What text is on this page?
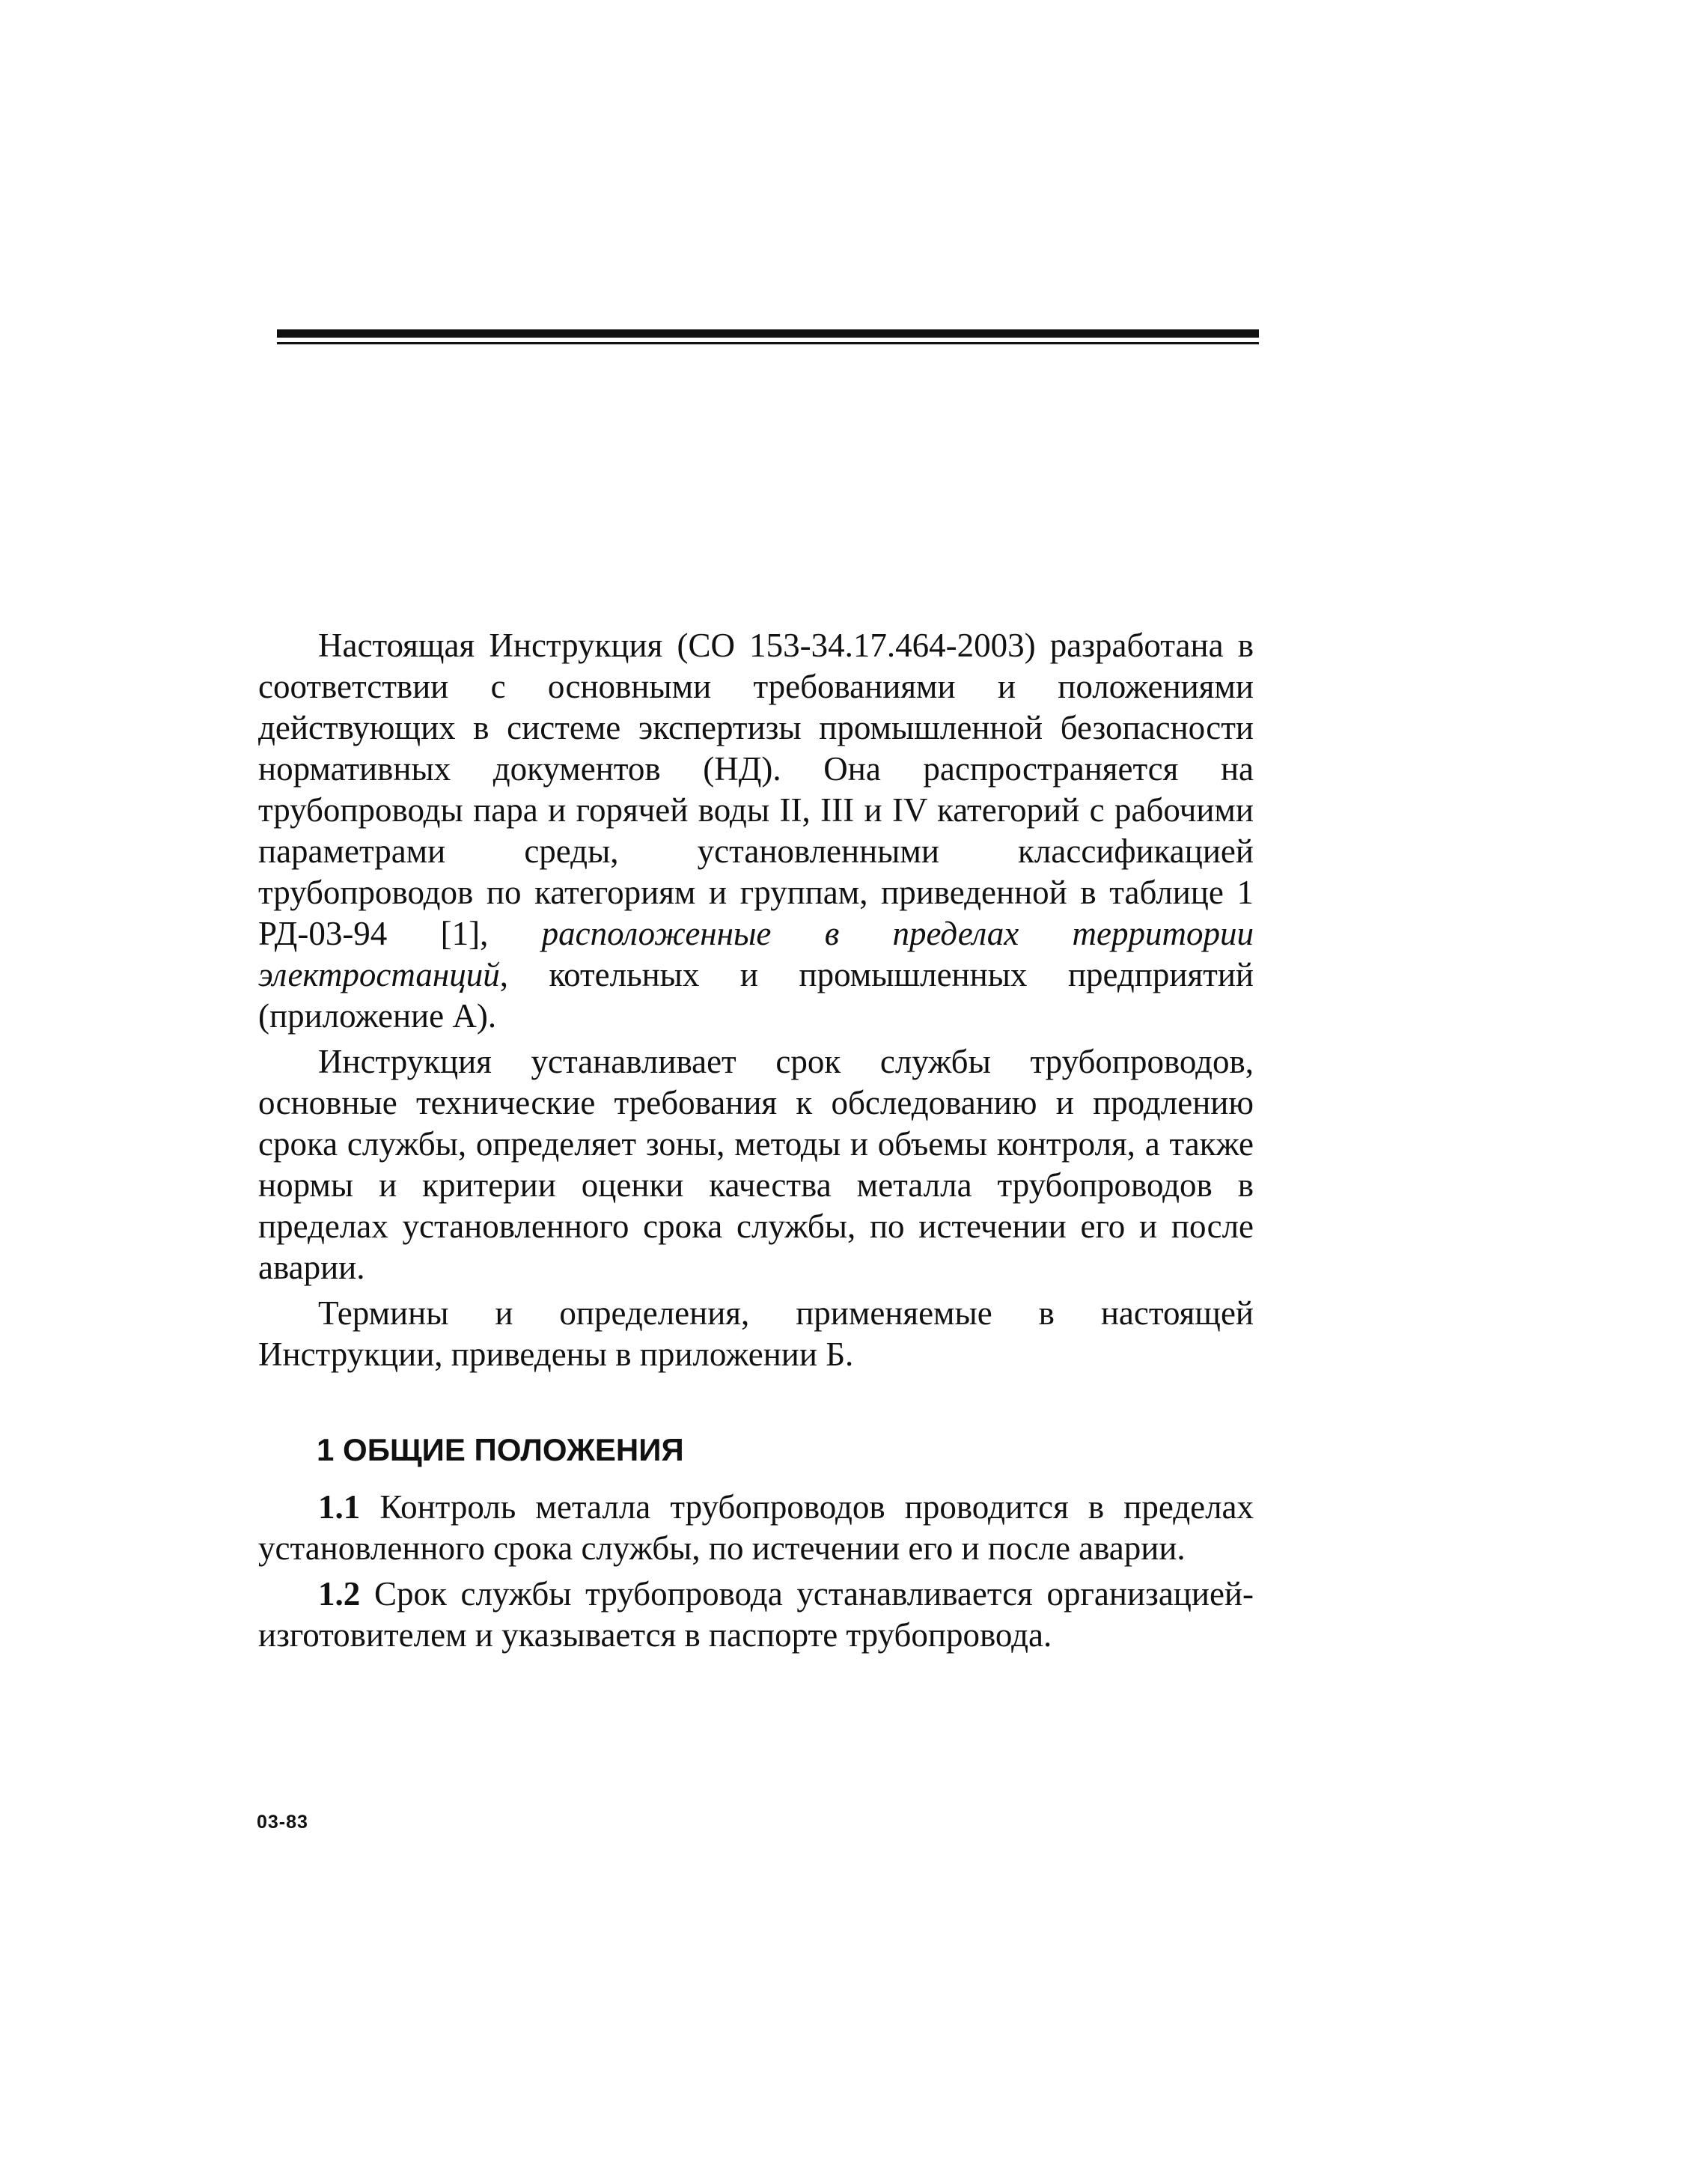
Настоящая Инструкция (СО 153-34.17.464-2003) разработана в соответствии с основными требованиями и положениями действующих в системе экспертизы промышленной безопасности нормативных документов (НД). Она распространяется на трубопроводы пара и горячей воды II, III и IV категорий с рабочими параметрами среды, установленными классификацией трубопроводов по категориям и группам, приведенной в таблице 1 РД-03-94 [1], расположенные в пределах территории электростанций, котельных и промышленных предприятий (приложение А).

Инструкция устанавливает срок службы трубопроводов, основные технические требования к обследованию и продлению срока службы, определяет зоны, методы и объемы контроля, а также нормы и критерии оценки качества металла трубопроводов в пределах установленного срока службы, по истечении его и после аварии.

Термины и определения, применяемые в настоящей Инструкции, приведены в приложении Б.

1 ОБЩИЕ ПОЛОЖЕНИЯ

1.1 Контроль металла трубопроводов проводится в пределах установленного срока службы, по истечении его и после аварии.

1.2 Срок службы трубопровода устанавливается организацией-изготовителем и указывается в паспорте трубопровода.

03-83
